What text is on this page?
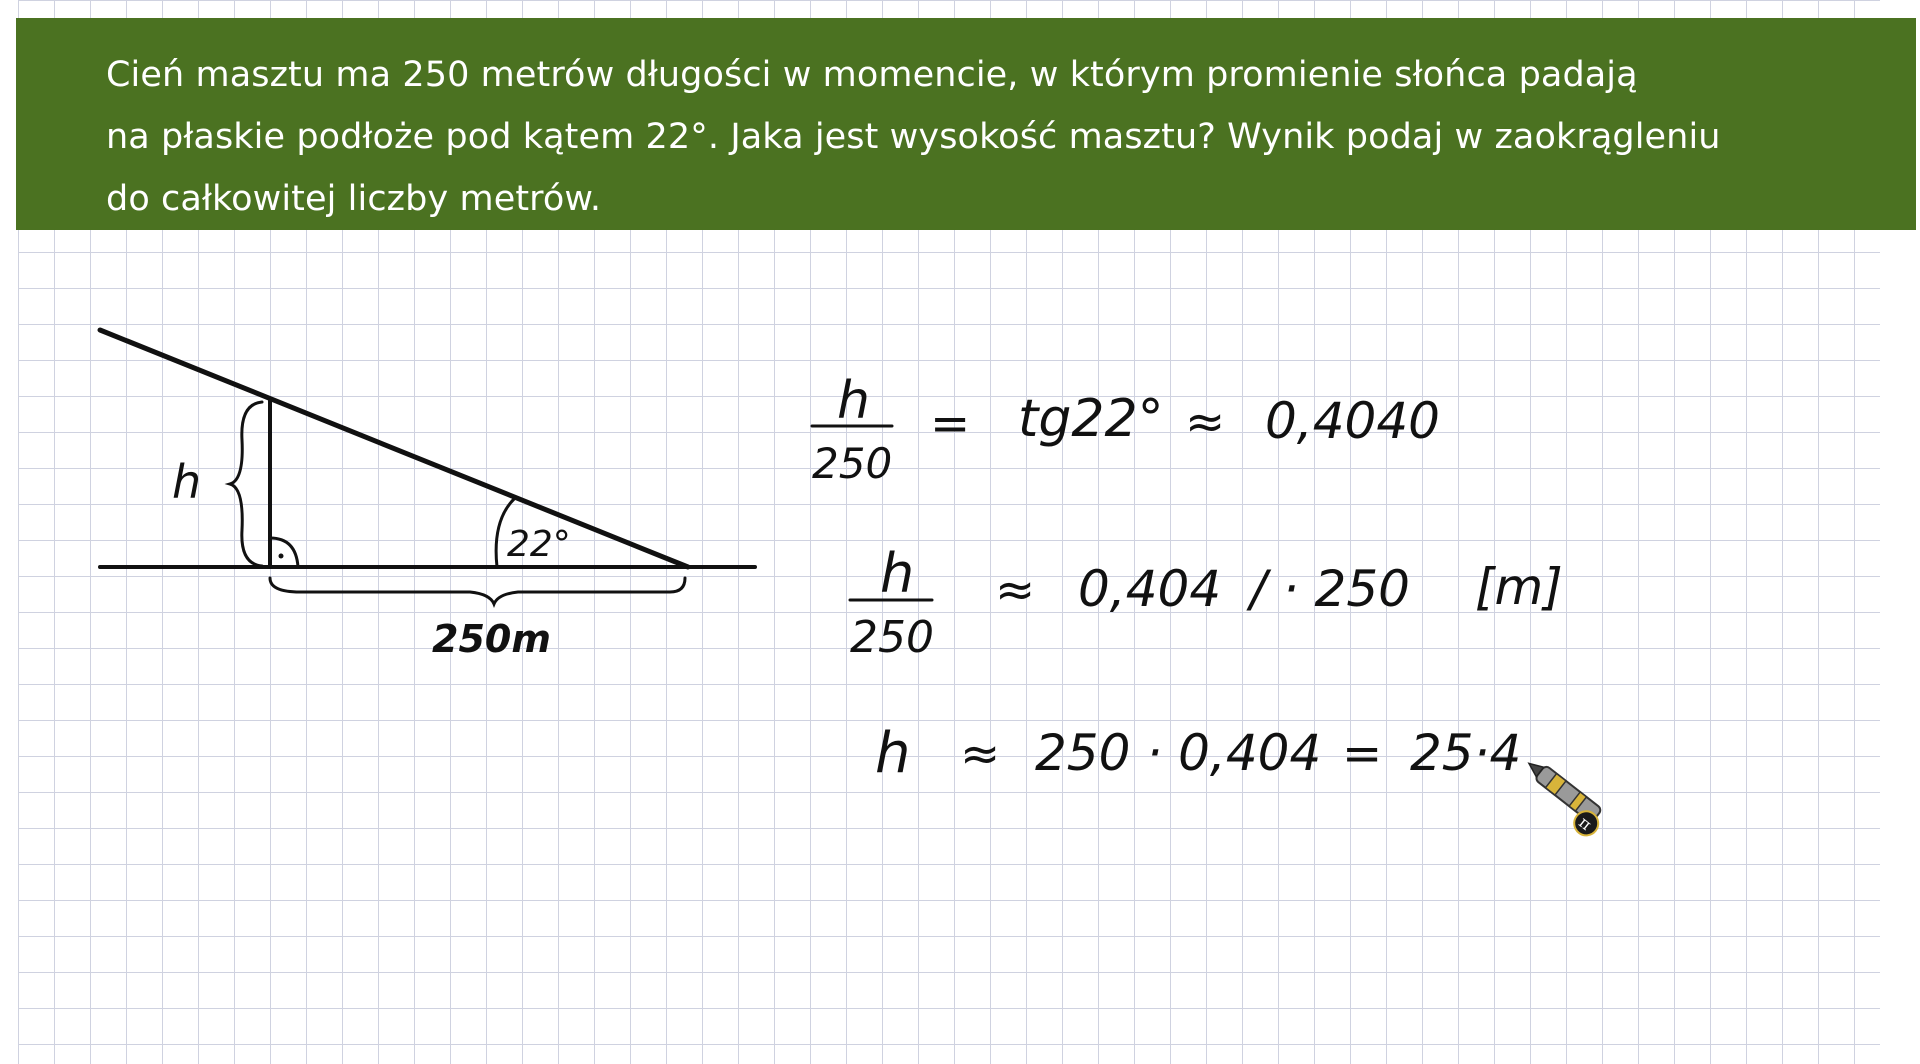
Cień masztu ma 250 metrów długości w momencie, w którym promienie słońca padają
na płaskie podłoże pod kątem 22°. Jaka jest wysokość masztu? Wynik podaj w zaokrągleniu
do całkowitej liczby metrów.

h
22°
250m
h
250
= tg22° ≈ 0,4040
h
250
≈ 0,404 / · 250 [m]
h ≈ 250 · 0,404 = 25·4
π
